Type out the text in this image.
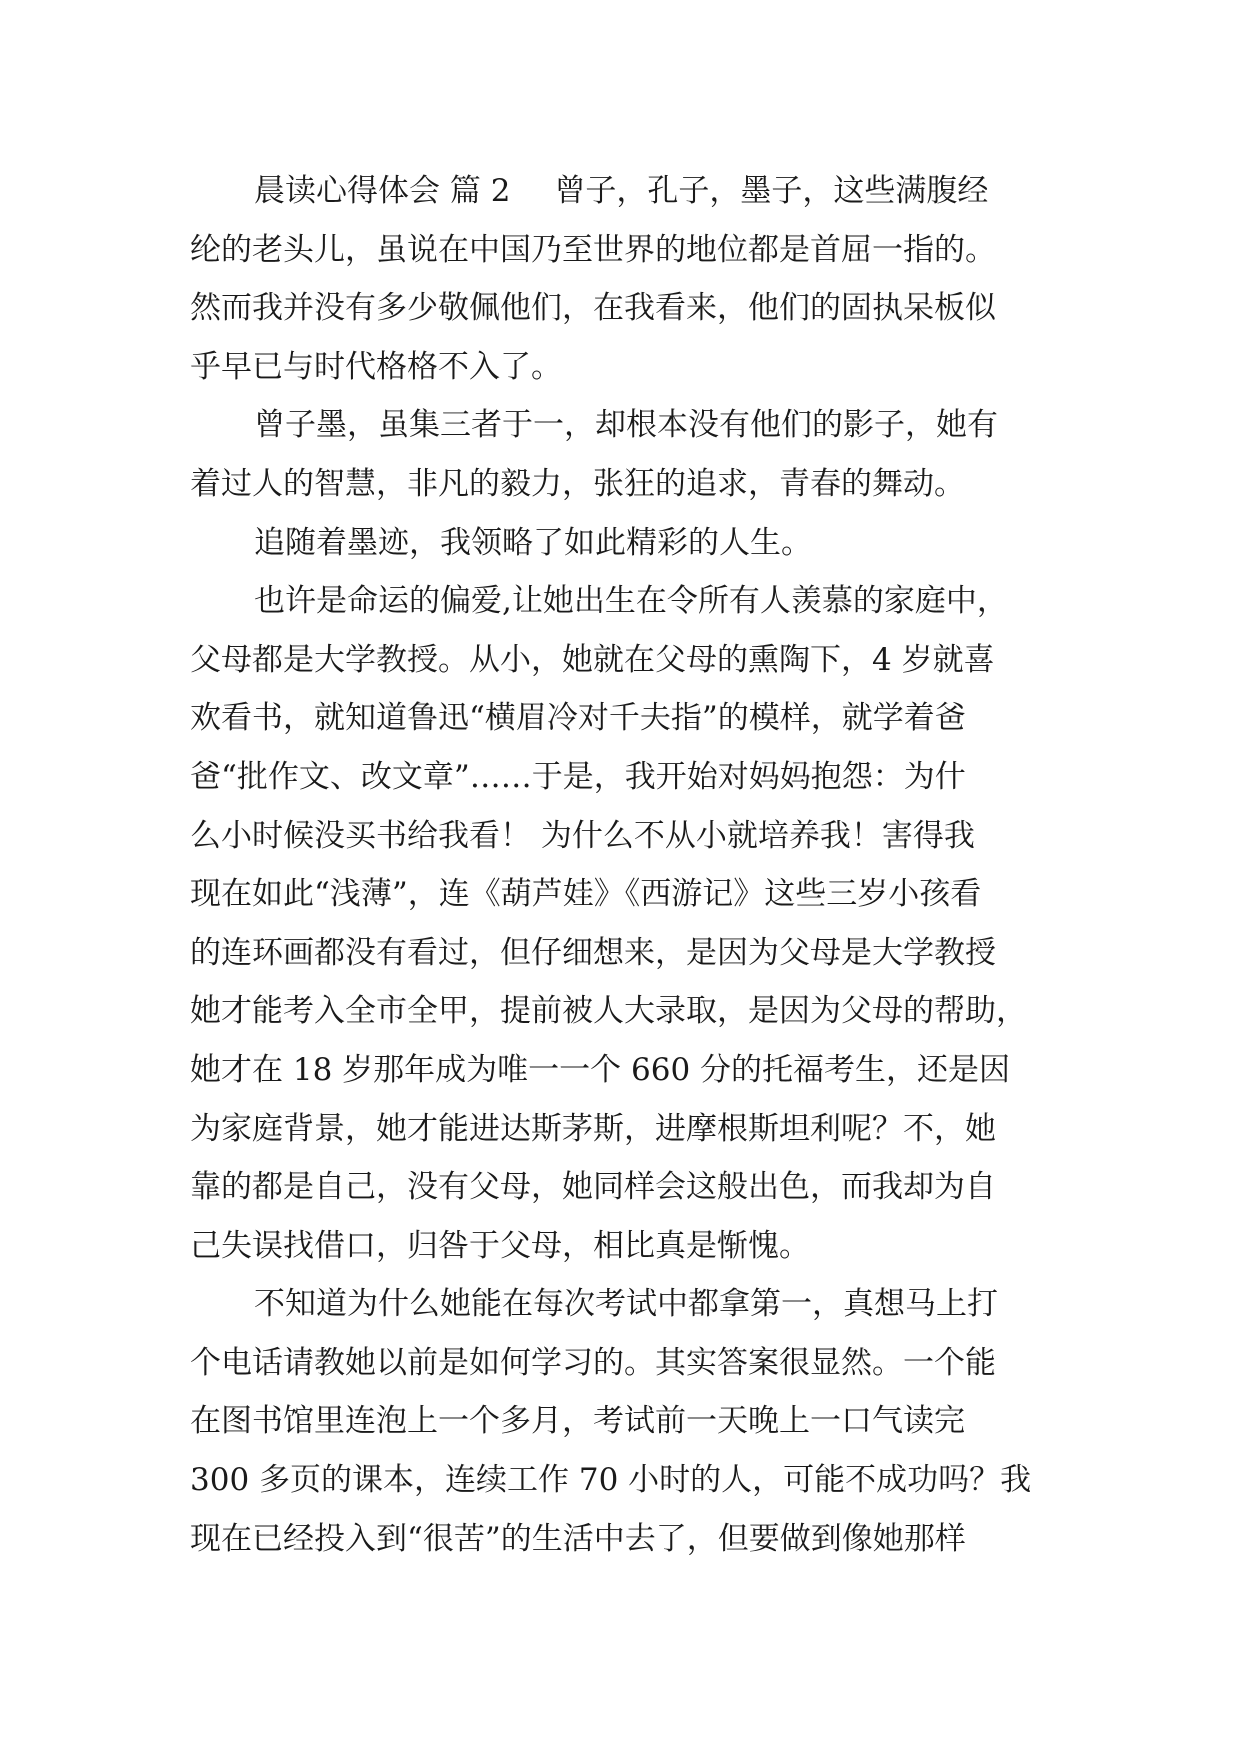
晨读心得体会 篇 2 曾子，孔子，墨子，这些满腹经
纶的老头儿，虽说在中国乃至世界的地位都是首屈一指的。
然而我并没有多少敬佩他们，在我看来，他们的固执呆板似
乎早已与时代格格不入了。
曾子墨，虽集三者于一，却根本没有他们的影子，她有
着过人的智慧，非凡的毅力，张狂的追求，青春的舞动。
追随着墨迹，我领略了如此精彩的人生。
也许是命运的偏爱,让她出生在令所有人羡慕的家庭中，
父母都是大学教授。从小，她就在父母的熏陶下，4 岁就喜
欢看书，就知道鲁迅“横眉冷对千夫指”的模样，就学着爸
爸“批作文、改文章”……于是，我开始对妈妈抱怨：为什
么小时候没买书给我看！ 为什么不从小就培养我！害得我
现在如此“浅薄”，连《葫芦娃》《西游记》这些三岁小孩看
的连环画都没有看过，但仔细想来，是因为父母是大学教授
她才能考入全市全甲，提前被人大录取，是因为父母的帮助，
她才在 18 岁那年成为唯一一个 660 分的托福考生，还是因
为家庭背景，她才能进达斯茅斯，进摩根斯坦利呢？不，她
靠的都是自己，没有父母，她同样会这般出色，而我却为自
己失误找借口，归咎于父母，相比真是惭愧。
不知道为什么她能在每次考试中都拿第一，真想马上打
个电话请教她以前是如何学习的。其实答案很显然。一个能
在图书馆里连泡上一个多月，考试前一天晚上一口气读完
300 多页的课本，连续工作 70 小时的人，可能不成功吗？我
现在已经投入到“很苦”的生活中去了，但要做到像她那样
